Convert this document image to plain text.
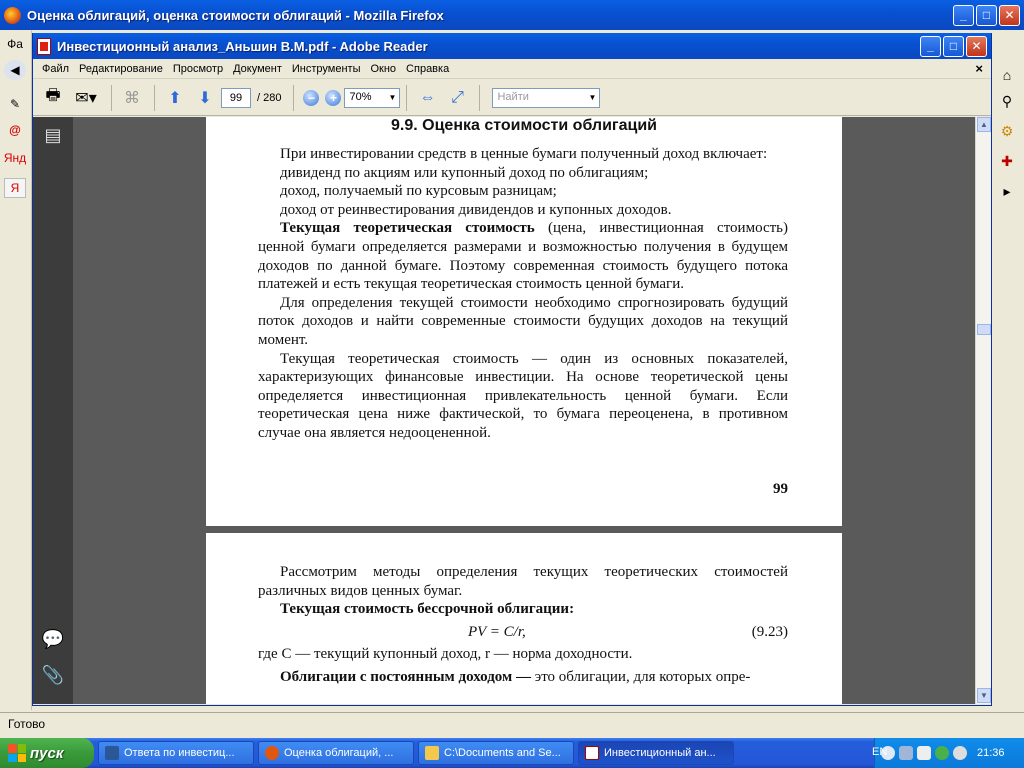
Оценка облигаций, оценка стоимости облигаций - Mozilla Firefox	_	□	✕
Фа
◀
✎
@
Янд
Я
⌂
⚲
⚙
✚
▸
Готово
Инвестиционный анализ_Аньшин В.М.pdf - Adobe Reader	_	□	✕
Файл Редактирование Просмотр Документ Инструменты Окно Справка	×
🖶 ✉▾	⌘	⬆	⬇	99	/ 280	−	+	70% ▼	⇔ ⤢	Найти	▼
▤
💬
📎
9.9. Оценка стоимости облигаций

При инвестировании средств в ценные бумаги полученный доход включает:

дивиденд по акциям или купонный доход по облигациям;
доход, получаемый по курсовым разницам;
доход от реинвестирования дивидендов и купонных доходов.

Текущая теоретическая стоимость (цена, инвестиционная стоимость) ценной бумаги определяется размерами и возможностью получения в будущем доходов по данной бумаге. Поэтому современная стоимость будущего потока платежей и есть текущая теоретическая стоимость ценной бумаги.

Для определения текущей стоимости необходимо спрогнозировать будущий поток доходов и найти современные стоимости будущих доходов на текущий момент.

Текущая теоретическая стоимость — один из основных показателей, характеризующих финансовые инвестиции. На основе теоретической цены определяется инвестиционная привлекательность ценной бумаги. Если теоретическая цена ниже фактической, то бумага переоценена, в противном случае она является недооцененной.

99

Рассмотрим методы определения текущих теоретических стоимостей различных видов ценных бумаг.

Текущая стоимость бессрочной облигации:

PV = C/r,	(9.23)
где C — текущий купонный доход, r — норма доходности.

Облигации с постоянным доходом — это облигации, для которых опре-

▲
▼
пуск	Ответа по инвестиц...	Оценка облигаций, ...	C:\Documents and Se...	Инвестиционный ан...	21:36
EN
